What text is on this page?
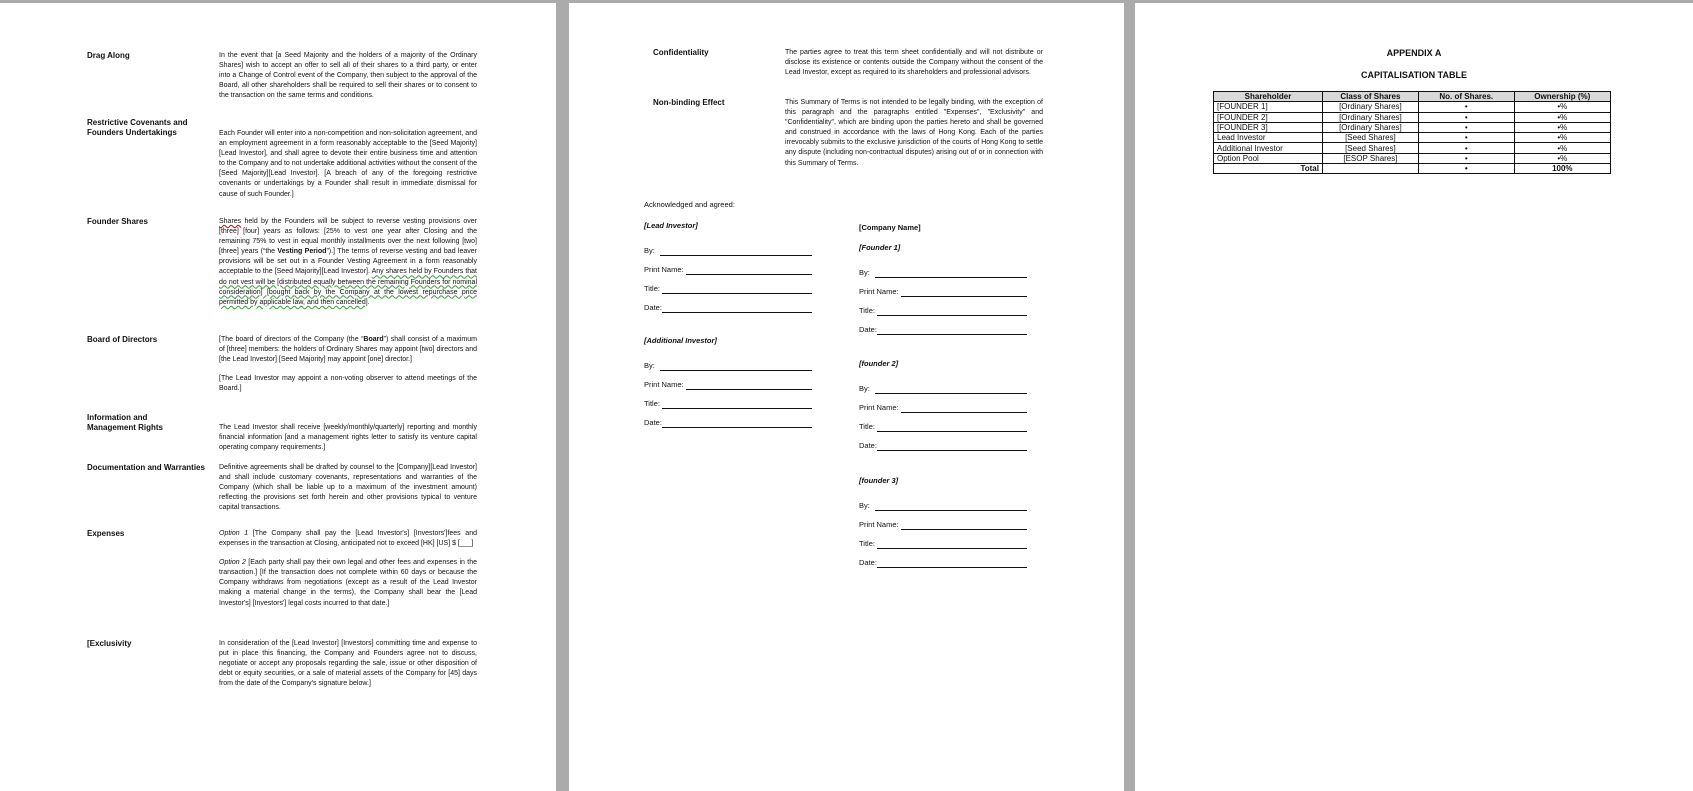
Drag Along	In the event that [a Seed Majority and the holders of a majority of the Ordinary Shares] wish to accept an offer to sell all of their shares to a third party, or enter into a Change of Control event of the Company, then subject to the approval of the Board, all other shareholders shall be required to sell their shares or to consent to the transaction on the same terms and conditions.
Restrictive Covenants and Founders Undertakings	Each Founder will enter into a non-competition and non-solicitation agreement, and an employment agreement in a form reasonably acceptable to the [Seed Majority][Lead Investor], and shall agree to devote their entire business time and attention to the Company and to not undertake additional activities without the consent of the [Seed Majority][Lead Investor]. [A breach of any of the foregoing restrictive covenants or undertakings by a Founder shall result in immediate dismissal for cause of such Founder.]
Founder Shares	Shares held by the Founders will be subject to reverse vesting provisions over [three] [four] years as follows: [25% to vest one year after Closing and the remaining 75% to vest in equal monthly installments over the next following [two] [three] years (“the Vesting Period”).] The terms of reverse vesting and bad leaver provisions will be set out in a Founder Vesting Agreement in a form reasonably acceptable to the [Seed Majority][Lead Investor]. Any shares held by Founders that do not vest will be [distributed equally between the remaining Founders for nominal consideration] [bought back by the Company at the lowest repurchase price permitted by applicable law, and then cancelled].
Board of Directors	[The board of directors of the Company (the “Board”) shall consist of a maximum of [three] members: the holders of Ordinary Shares may appoint [two] directors and [the Lead Investor] [Seed Majority] may appoint [one] director.]

[The Lead Investor may appoint a non-voting observer to attend meetings of the Board.]

Information and Management Rights	The Lead Investor shall receive [weekly/monthly/quarterly] reporting and monthly financial information [and a management rights letter to satisfy its venture capital operating company requirements.]
Documentation and Warranties	Definitive agreements shall be drafted by counsel to the [Company][Lead Investor] and shall include customary covenants, representations and warranties of the Company (which shall be liable up to a maximum of the investment amount) reflecting the provisions set forth herein and other provisions typical to venture capital transactions.
Expenses	Option 1 [The Company shall pay the [Lead Investor's] [Investors']fees and expenses in the transaction at Closing, anticipated not to exceed [HK] [US] $ [___]

Option 2 [Each party shall pay their own legal and other fees and expenses in the transaction.] [If the transaction does not complete within 60 days or because the Company withdraws from negotiations (except as a result of the Lead Investor making a material change in the terms), the Company shall bear the [Lead Investor's] [Investors'] legal costs incurred to that date.]

[Exclusivity	In consideration of the [Lead Investor] [Investors] committing time and expense to put in place this financing, the Company and Founders agree not to discuss, negotiate or accept any proposals regarding the sale, issue or other disposition of debt or equity securities, or a sale of material assets of the Company for [45] days from the date of the Company's signature below.]
Confidentiality	The parties agree to treat this term sheet confidentially and will not distribute or disclose its existence or contents outside the Company without the consent of the Lead Investor, except as required to its shareholders and professional advisors.
Non-binding Effect	This Summary of Terms is not intended to be legally binding, with the exception of this paragraph and the paragraphs entitled "Expenses", "Exclusivity" and "Confidentiality", which are binding upon the parties hereto and shall be governed and construed in accordance with the laws of Hong Kong. Each of the parties irrevocably submits to the exclusive jurisdiction of the courts of Hong Kong to settle any dispute (including non-contractual disputes) arising out of or in connection with this Summary of Terms.
Acknowledged and agreed:
[Lead Investor]
By:
Print Name:
Title:
Date:
[Additional Investor]
By:
Print Name:
Title:
Date:
[Company Name]
[Founder 1]
By:
Print Name:
Title:
Date:
[founder 2]
By:
Print Name:
Title:
Date:
[founder 3]
By:
Print Name:
Title:
Date:
APPENDIX A
CAPITALISATION TABLE
Shareholder	Class of Shares	No. of Shares.	Ownership (%)
[FOUNDER 1]	[Ordinary Shares]	•	•%
[FOUNDER 2]	[Ordinary Shares]	•	•%
[FOUNDER 3]	[Ordinary Shares]	•	•%
Lead Investor	[Seed Shares]	•	•%
Additional Investor	[Seed Shares]	•	•%
Option Pool	[ESOP Shares]	•	•%
Total		•	100%
